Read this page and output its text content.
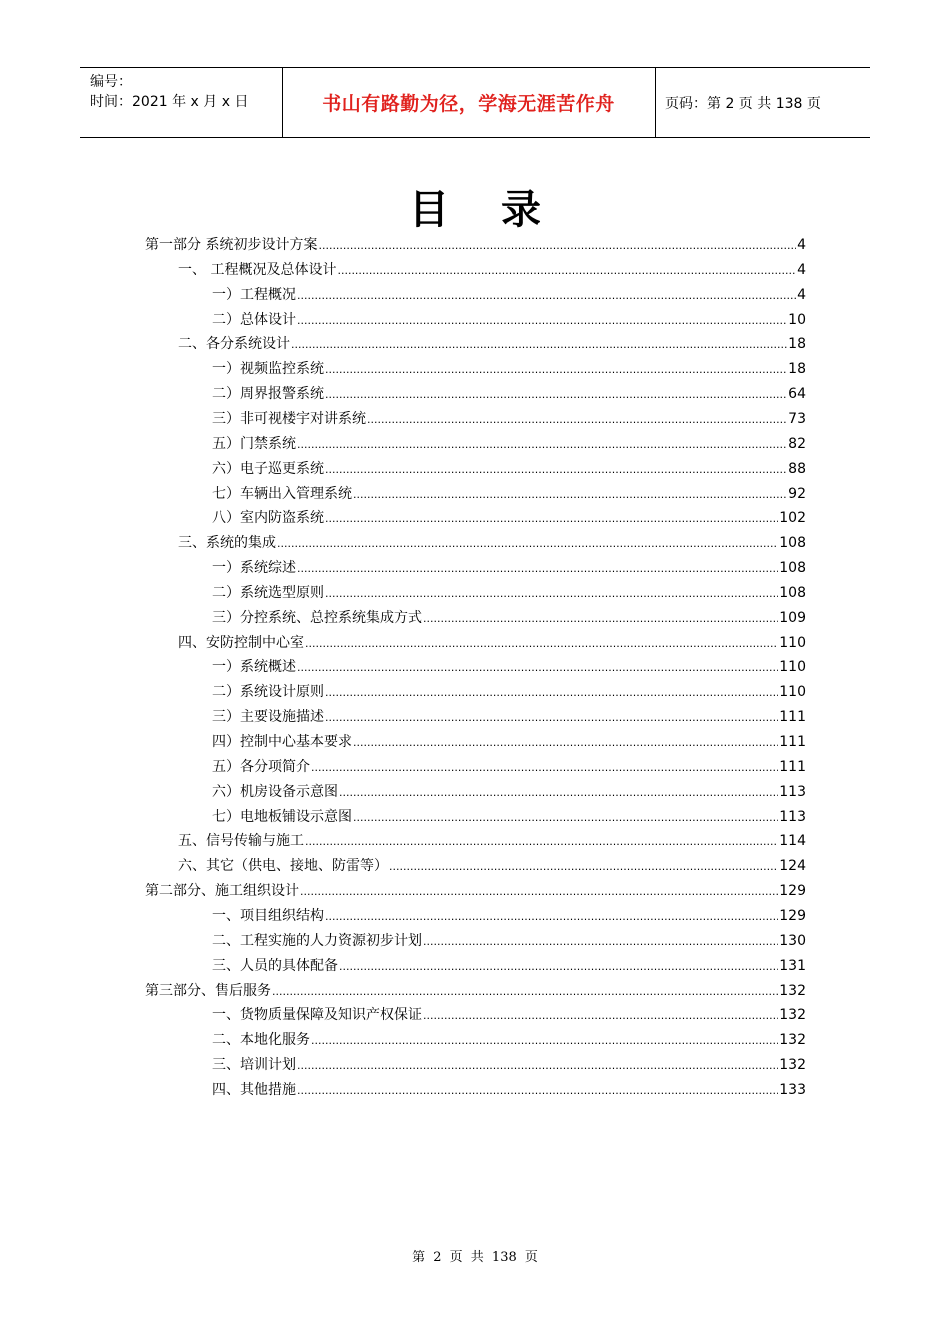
编号：
时间：2021 年 x 月 x 日	书山有路勤为径，学海无涯苦作舟	页码：第 2 页 共 138 页
目录
第一部分 系统初步设计方案 .....	4
一、 工程概况及总体设计 .....	4
一）工程概况 .....	4
二）总体设计 .....	10
二、各分系统设计 .....	18
一）视频监控系统 .....	18
二）周界报警系统 .....	64
三）非可视楼宇对讲系统 .....	73
五）门禁系统 .....	82
六）电子巡更系统 .....	88
七）车辆出入管理系统 .....	92
八）室内防盗系统 .....	102
三、系统的集成 .....	108
一）系统综述 .....	108
二）系统选型原则 .....	108
三）分控系统、总控系统集成方式 .....	109
四、安防控制中心室 .....	110
一）系统概述 .....	110
二）系统设计原则 .....	110
三）主要设施描述 .....	111
四）控制中心基本要求 .....	111
五）各分项简介 .....	111
六）机房设备示意图 .....	113
七）电地板铺设示意图 .....	113
五、信号传输与施工 .....	114
六、其它（供电、接地、防雷等） .....	124
第二部分、施工组织设计 .....	129
一、项目组织结构 .....	129
二、工程实施的人力资源初步计划 .....	130
三、人员的具体配备 .....	131
第三部分、售后服务 .....	132
一、货物质量保障及知识产权保证 .....	132
二、本地化服务 .....	132
三、培训计划 .....	132
四、其他措施 .....	133
第 2 页 共 138 页
